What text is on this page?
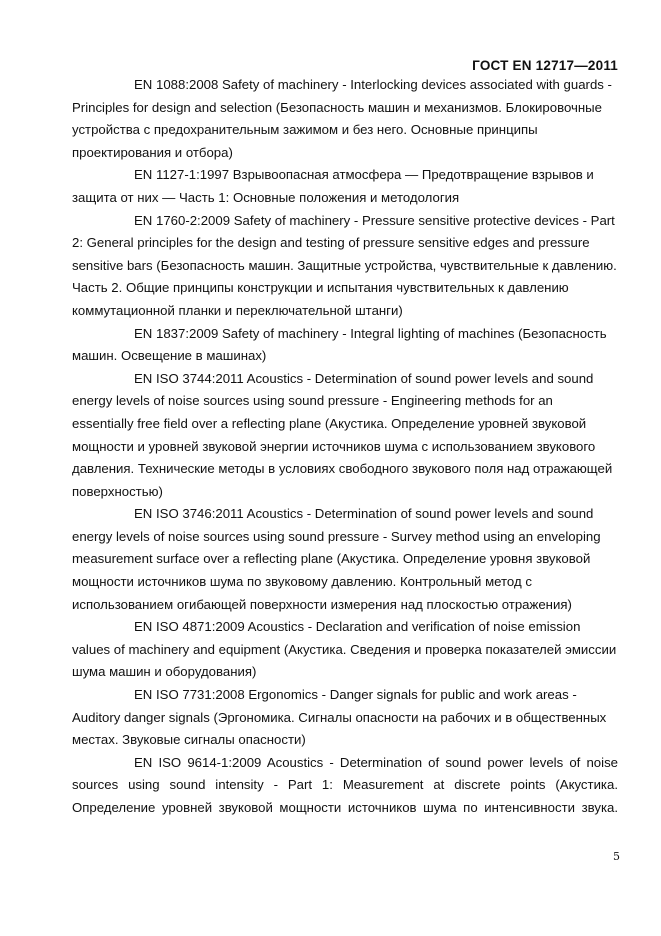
ГОСТ EN 12717—2011

EN 1088:2008 Safety of machinery - Interlocking devices associated with guards - Principles for design and selection (Безопасность машин и механизмов. Блокировочные устройства с предохранительным зажимом и без него. Основные принципы проектирования и отбора)

EN 1127-1:1997 Взрывоопасная атмосфера — Предотвращение взрывов и защита от них — Часть 1: Основные положения и методология

EN 1760-2:2009 Safety of machinery - Pressure sensitive protective devices - Part 2: General principles for the design and testing of pressure sensitive edges and pressure sensitive bars (Безопасность машин. Защитные устройства, чувствительные к давлению. Часть 2. Общие принципы конструкции и испытания чувствительных к давлению коммутационной планки и переключательной штанги)

EN 1837:2009 Safety of machinery - Integral lighting of machines (Безопасность машин. Освещение в машинах)

EN ISO 3744:2011 Acoustics - Determination of sound power levels and sound energy levels of noise sources using sound pressure - Engineering methods for an essentially free field over a reflecting plane (Акустика. Определение уровней звуковой мощности и уровней звуковой энергии источников шума с использованием звукового давления. Технические методы в условиях свободного звукового поля над отражающей поверхностью)

EN ISO 3746:2011 Acoustics - Determination of sound power levels and sound energy levels of noise sources using sound pressure - Survey method using an enveloping measurement surface over a reflecting plane (Акустика. Определение уровня звуковой мощности источников шума по звуковому давлению. Контрольный метод с использованием огибающей поверхности измерения над плоскостью отражения)

EN ISO 4871:2009 Acoustics - Declaration and verification of noise emission values of machinery and equipment (Акустика. Сведения и проверка показателей эмиссии шума машин и оборудования)

EN ISO 7731:2008 Ergonomics - Danger signals for public and work areas - Auditory danger signals (Эргономика. Сигналы опасности на рабочих и в общественных местах. Звуковые сигналы опасности)

EN ISO 9614-1:2009 Acoustics - Determination of sound power levels of noise sources using sound intensity - Part 1: Measurement at discrete points (Акустика. Определение уровней звуковой мощности источников шума по интенсивности звука.

5
